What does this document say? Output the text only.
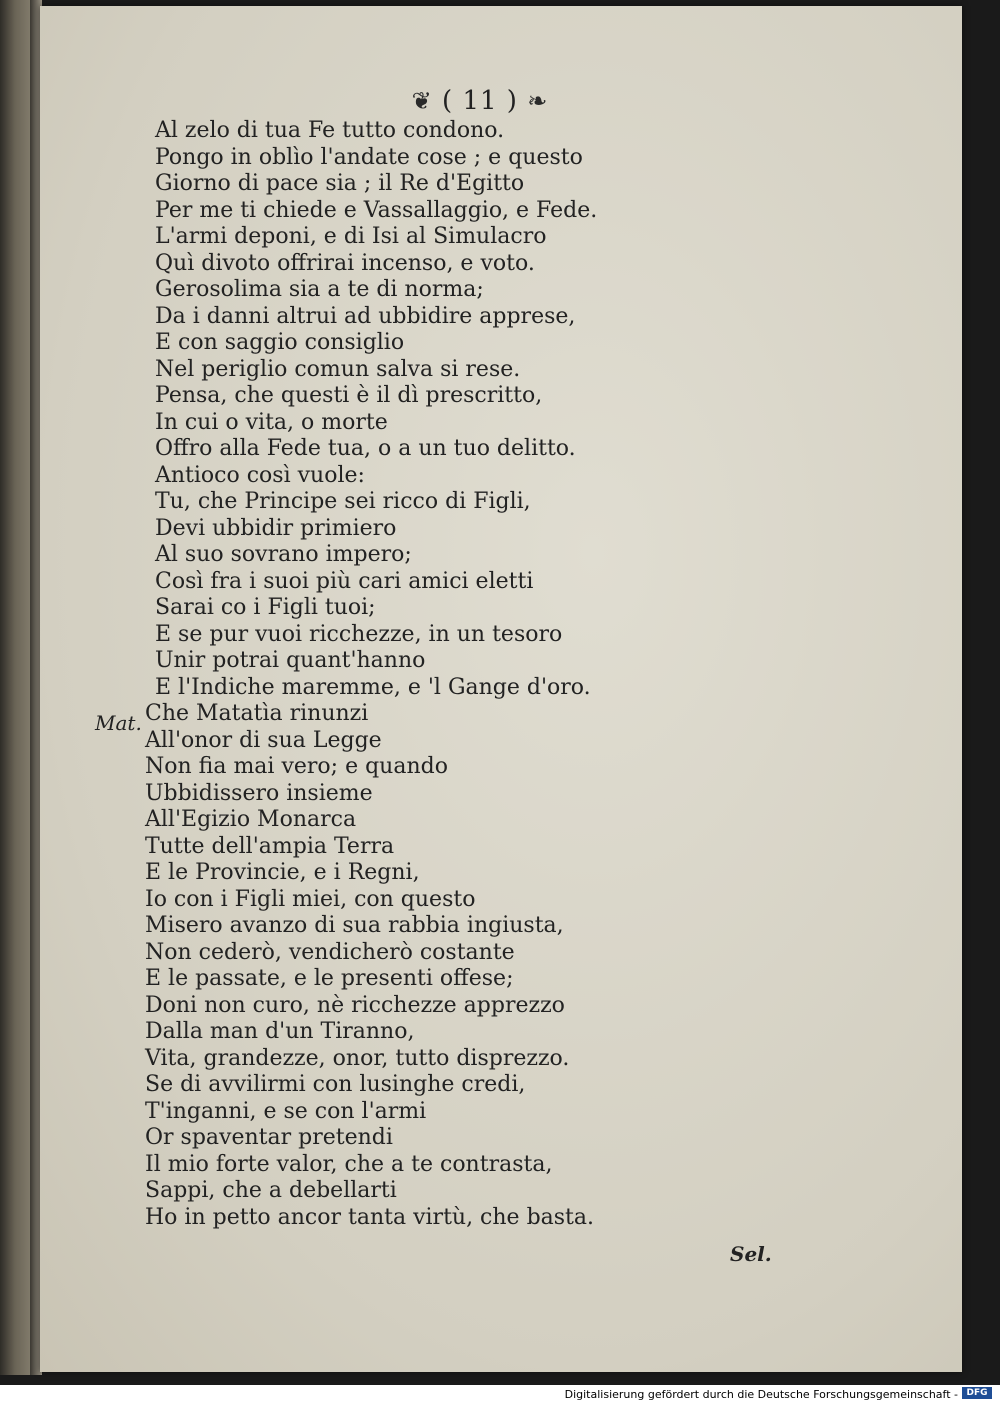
❦ ( 11 ) ❧
Al zelo di tua Fe tutto condono.
Pongo in oblìo l'andate cose ; e questo
Giorno di pace sia ; il Re d'Egitto
Per me ti chiede e Vassallaggio, e Fede.
L'armi deponi, e di Isi al Simulacro
Quì divoto offrirai incenso, e voto.
Gerosolima sia a te di norma;
Da i danni altrui ad ubbidire apprese,
E con saggio consiglio
Nel periglio comun salva si rese.
Pensa, che questi è il dì prescritto,
In cui o vita, o morte
Offro alla Fede tua, o a un tuo delitto.
Antioco così vuole:
Tu, che Principe sei ricco di Figli,
Devi ubbidir primiero
Al suo sovrano impero;
Così fra i suoi più cari amici eletti
Sarai co i Figli tuoi;
E se pur vuoi ricchezze, in un tesoro
Unir potrai quant'hanno
E l'Indiche maremme, e 'l Gange d'oro.
Che Matatìa rinunzi
All'onor di sua Legge
Non fia mai vero; e quando
Ubbidissero insieme
All'Egizio Monarca
Tutte dell'ampia Terra
E le Provincie, e i Regni,
Io con i Figli miei, con questo
Misero avanzo di sua rabbia ingiusta,
Non cederò, vendicherò costante
E le passate, e le presenti offese;
Doni non curo, nè ricchezze apprezzo
Dalla man d'un Tiranno,
Vita, grandezze, onor, tutto disprezzo.
Se di avvilirmi con lusinghe credi,
T'inganni, e se con l'armi
Or spaventar pretendi
Il mio forte valor, che a te contrasta,
Sappi, che a debellarti
Ho in petto ancor tanta virtù, che basta.
Mat.
Sel.
Digitalisierung gefördert durch die Deutsche Forschungsgemeinschaft - DFG
